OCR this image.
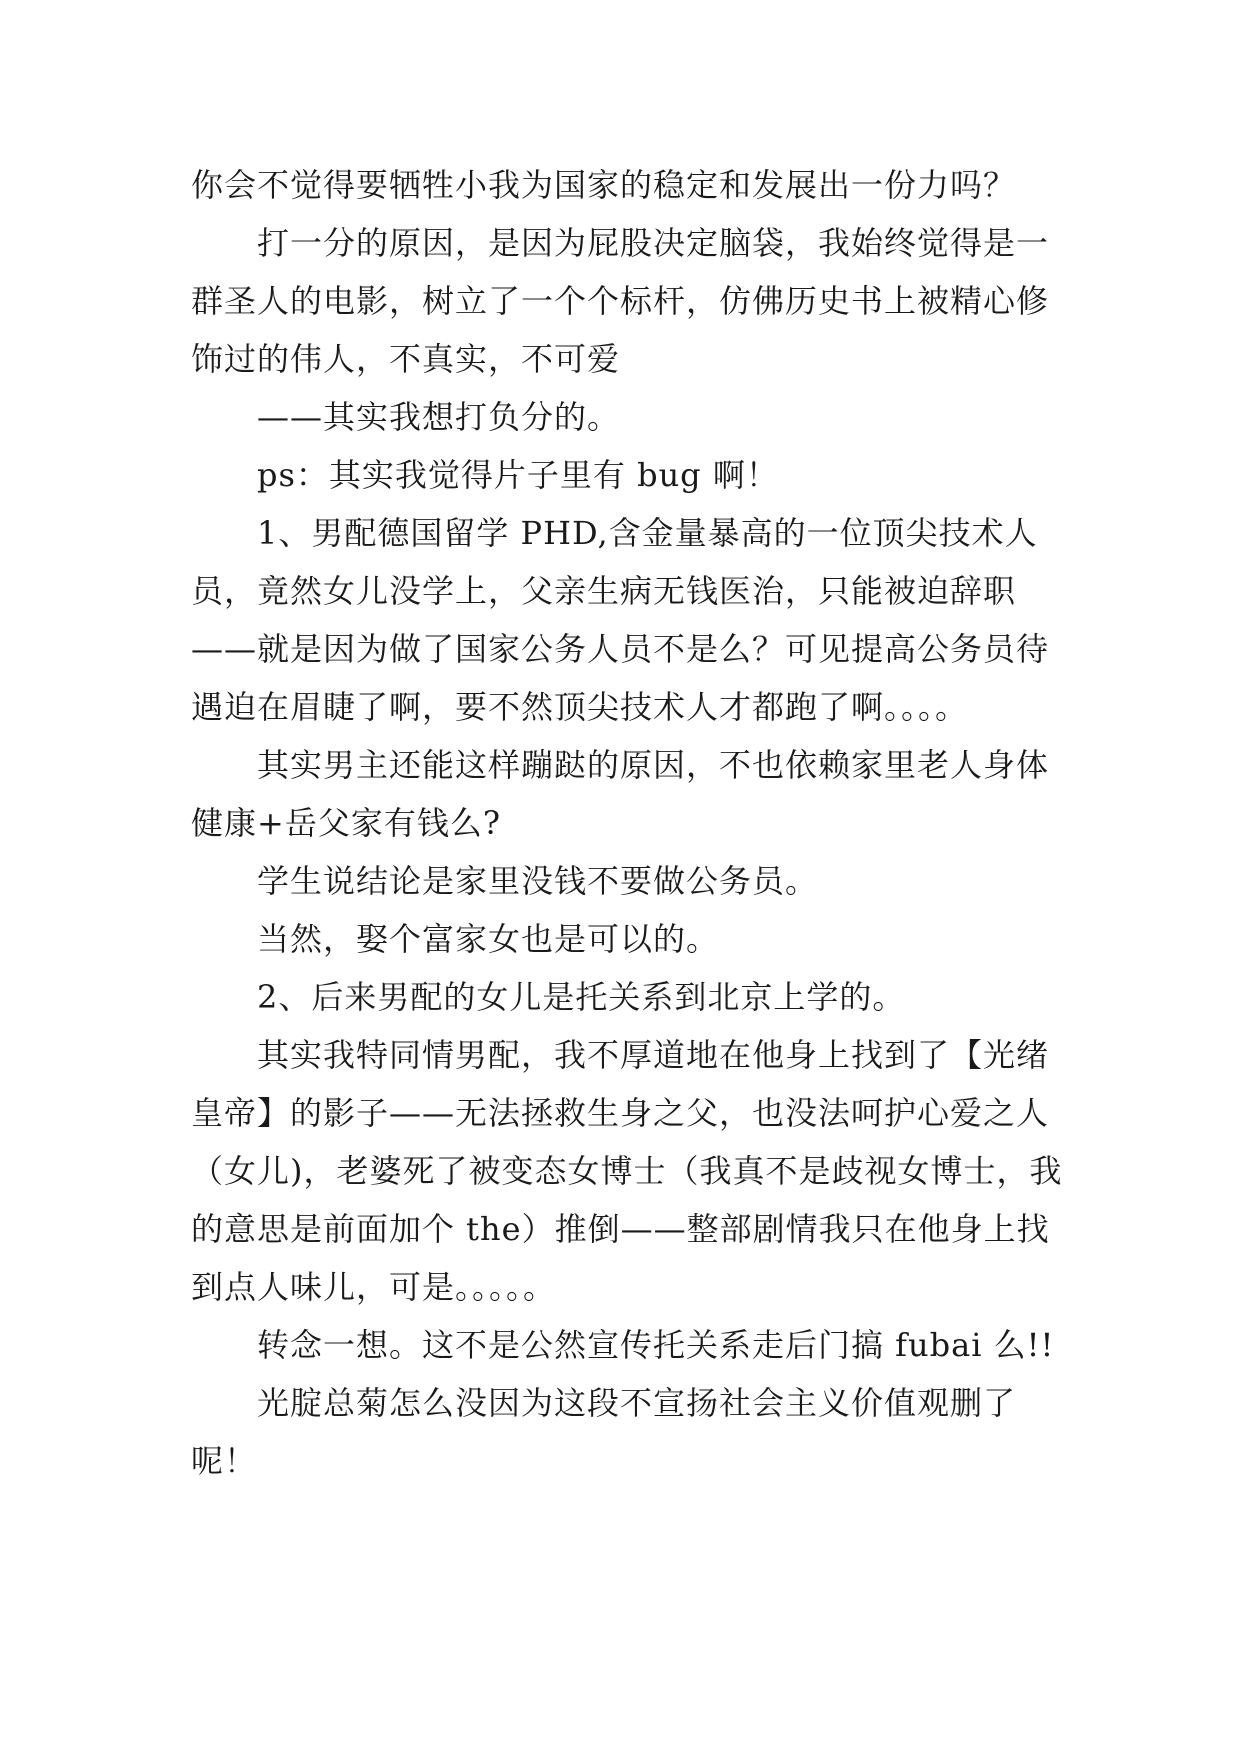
你会不觉得要牺牲小我为国家的稳定和发展出一份力吗？

打一分的原因，是因为屁股决定脑袋，我始终觉得是一群圣人的电影，树立了一个个标杆，仿佛历史书上被精心修饰过的伟人，不真实，不可爱

——其实我想打负分的。

ps：其实我觉得片子里有 bug 啊！

1、男配德国留学 PHD,含金量暴高的一位顶尖技术人员，竟然女儿没学上，父亲生病无钱医治，只能被迫辞职——就是因为做了国家公务人员不是么？可见提高公务员待遇迫在眉睫了啊，要不然顶尖技术人才都跑了啊。。。。

其实男主还能这样蹦跶的原因，不也依赖家里老人身体健康+岳父家有钱么?

学生说结论是家里没钱不要做公务员。

当然，娶个富家女也是可以的。

2、后来男配的女儿是托关系到北京上学的。

其实我特同情男配，我不厚道地在他身上找到了【光绪皇帝】的影子——无法拯救生身之父，也没法呵护心爱之人（女儿)，老婆死了被变态女博士（我真不是歧视女博士，我的意思是前面加个 the）推倒——整部剧情我只在他身上找到点人味儿，可是。。。。。

转念一想。这不是公然宣传托关系走后门搞 fubai 么!!

光腚总菊怎么没因为这段不宣扬社会主义价值观删了呢！
